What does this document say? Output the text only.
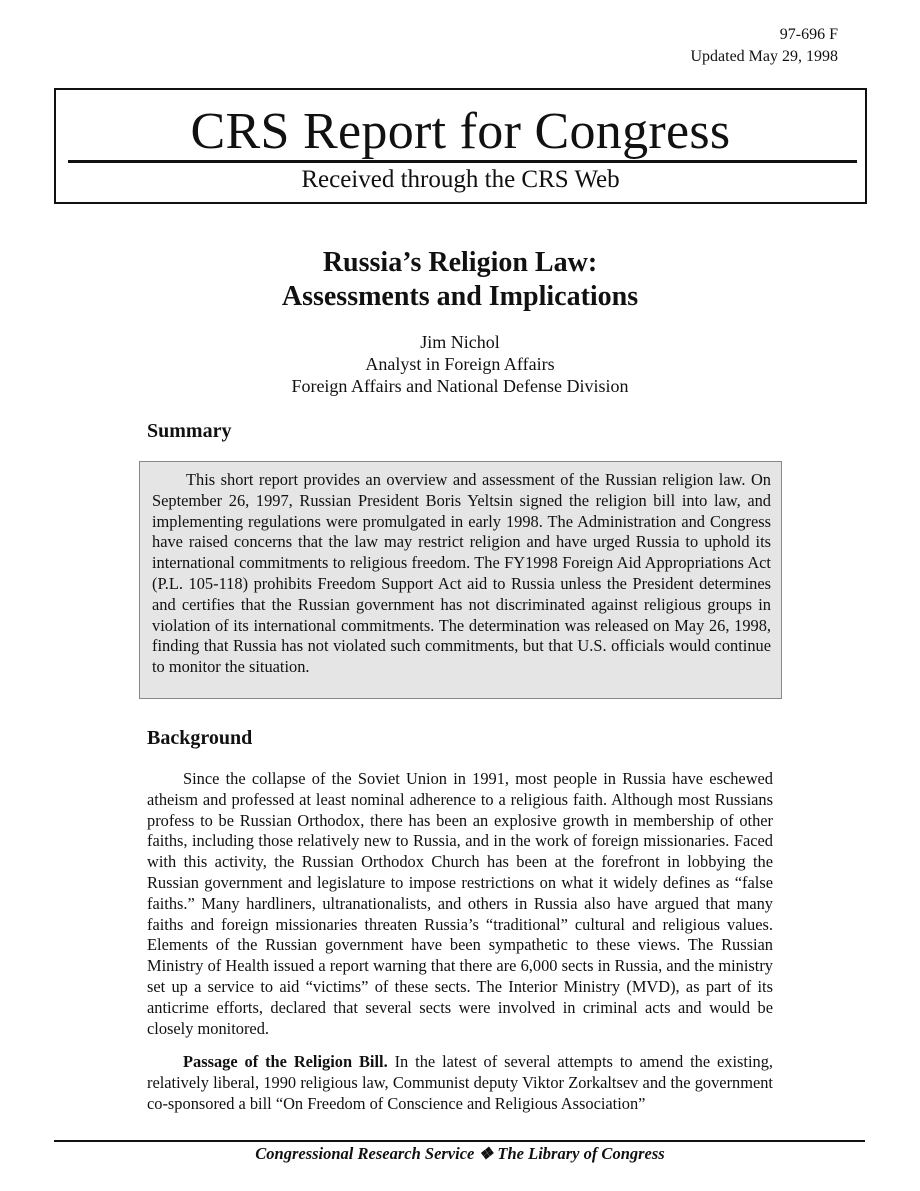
97-696 F
Updated May 29, 1998
CRS Report for Congress
Received through the CRS Web
Russia’s Religion Law:
Assessments and Implications
Jim Nichol
Analyst in Foreign Affairs
Foreign Affairs and National Defense Division
Summary

This short report provides an overview and assessment of the Russian religion law. On September 26, 1997, Russian President Boris Yeltsin signed the religion bill into law, and implementing regulations were promulgated in early 1998. The Administration and Congress have raised concerns that the law may restrict religion and have urged Russia to uphold its international commitments to religious freedom. The FY1998 Foreign Aid Appropriations Act (P.L. 105-118) prohibits Freedom Support Act aid to Russia unless the President determines and certifies that the Russian government has not discriminated against religious groups in violation of its international commitments. The determination was released on May 26, 1998, finding that Russia has not violated such commitments, but that U.S. officials would continue to monitor the situation.

Background

Since the collapse of the Soviet Union in 1991, most people in Russia have eschewed atheism and professed at least nominal adherence to a religious faith. Although most Russians profess to be Russian Orthodox, there has been an explosive growth in membership of other faiths, including those relatively new to Russia, and in the work of foreign missionaries. Faced with this activity, the Russian Orthodox Church has been at the forefront in lobbying the Russian government and legislature to impose restrictions on what it widely defines as “false faiths.” Many hardliners, ultranationalists, and others in Russia also have argued that many faiths and foreign missionaries threaten Russia’s “traditional” cultural and religious values. Elements of the Russian government have been sympathetic to these views. The Russian Ministry of Health issued a report warning that there are 6,000 sects in Russia, and the ministry set up a service to aid “victims” of these sects. The Interior Ministry (MVD), as part of its anticrime efforts, declared that several sects were involved in criminal acts and would be closely monitored.

Passage of the Religion Bill. In the latest of several attempts to amend the existing, relatively liberal, 1990 religious law, Communist deputy Viktor Zorkaltsev and the government co-sponsored a bill “On Freedom of Conscience and Religious Association”

Congressional Research Service ❖ The Library of Congress
